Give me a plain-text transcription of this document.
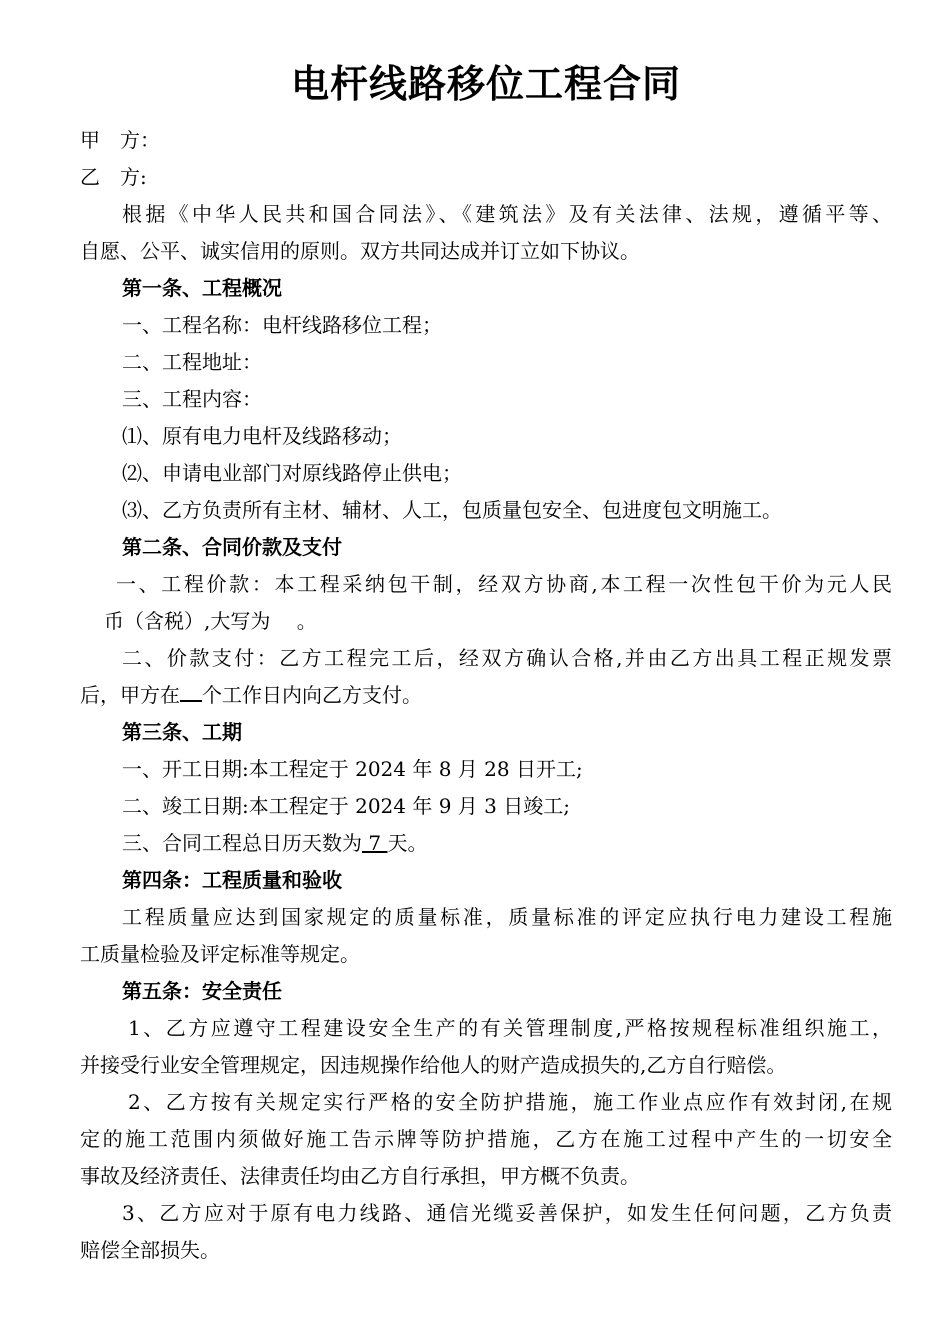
电杆线路移位工程合同
甲　方：
乙　方:
根据《中华人民共和国合同法》、《建筑法》及有关法律、法规，遵循平等、
自愿、公平、诚实信用的原则。双方共同达成并订立如下协议。
第一条、工程概况
一、工程名称：电杆线路移位工程；
二、工程地址：
三、工程内容：
⑴、原有电力电杆及线路移动；
⑵、申请电业部门对原线路停止供电；
⑶、乙方负责所有主材、辅材、人工，包质量包安全、包进度包文明施工。
第二条、合同价款及支付
一、工程价款：本工程采纳包干制，经双方协商,本工程一次性包干价为元人民
币（含税）,大写为　 。
二、价款支付：乙方工程完工后，经双方确认合格,并由乙方出具工程正规发票
后，甲方在 个工作日内向乙方支付。
第三条、工期
一、开工日期:本工程定于 2024 年 8 月 28 日开工;
二、竣工日期:本工程定于 2024 年 9 月 3 日竣工;
三、合同工程总日历天数为 7 天。
第四条：工程质量和验收
工程质量应达到国家规定的质量标准，质量标准的评定应执行电力建设工程施
工质量检验及评定标准等规定。
第五条：安全责任
1、乙方应遵守工程建设安全生产的有关管理制度,严格按规程标准组织施工，
并接受行业安全管理规定，因违规操作给他人的财产造成损失的,乙方自行赔偿。
2、乙方按有关规定实行严格的安全防护措施，施工作业点应作有效封闭,在规
定的施工范围内须做好施工告示牌等防护措施，乙方在施工过程中产生的一切安全
事故及经济责任、法律责任均由乙方自行承担，甲方概不负责。
3、乙方应对于原有电力线路、通信光缆妥善保护，如发生任何问题，乙方负责
赔偿全部损失。
